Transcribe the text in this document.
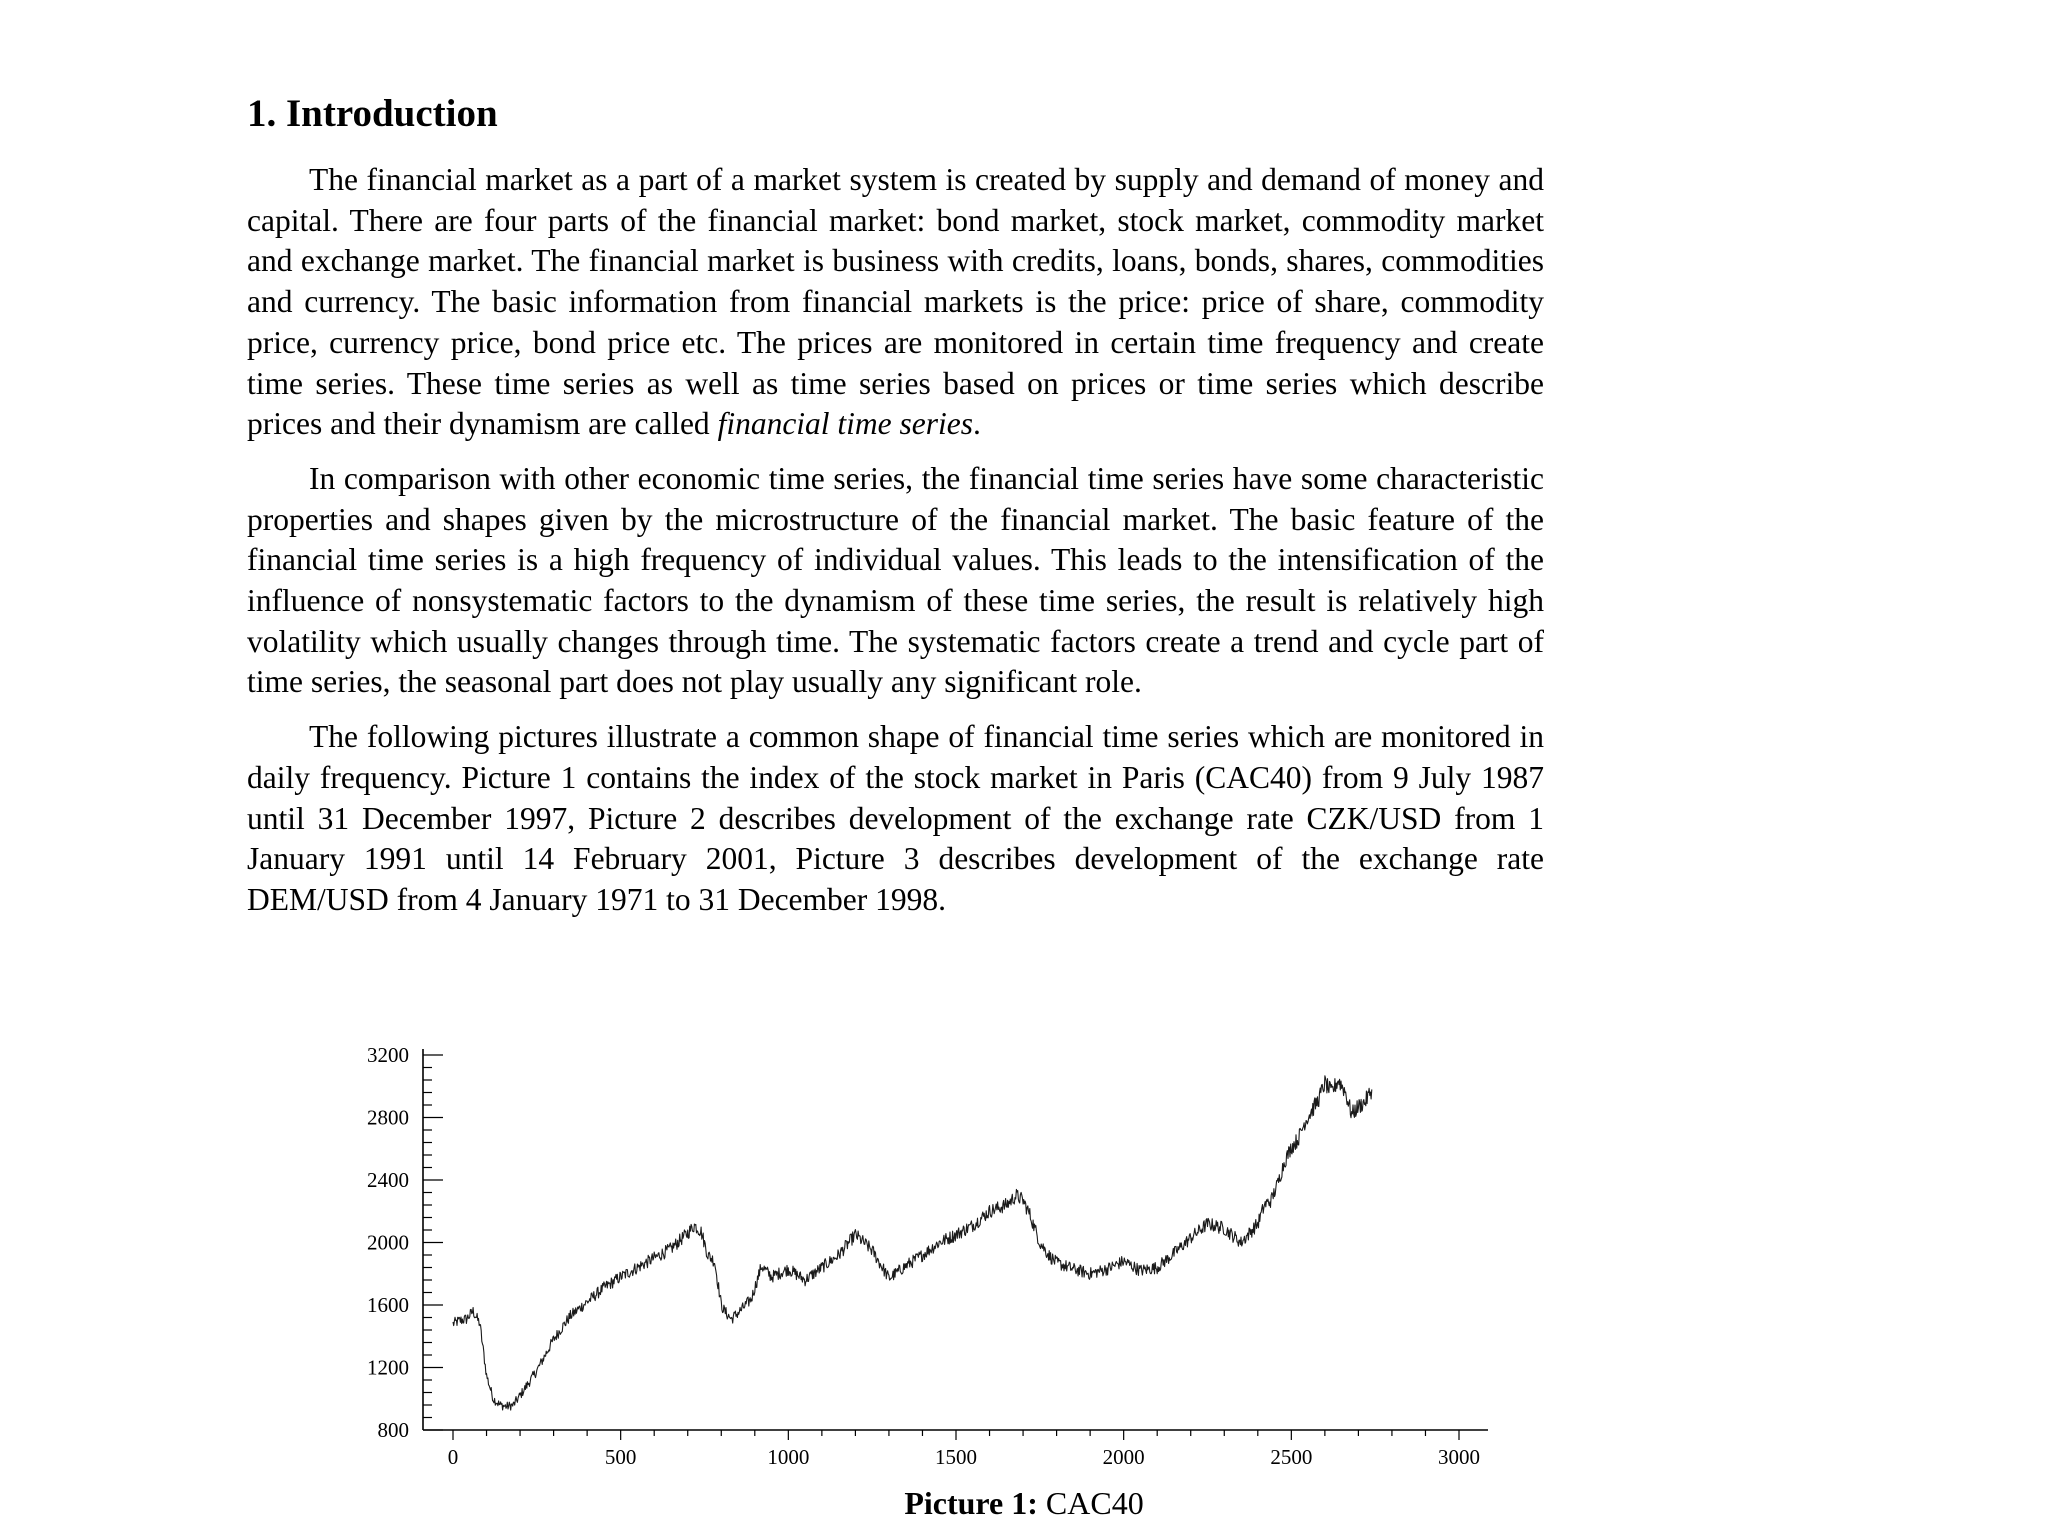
1. Introduction

The financial market as a part of a market system is created by supply and demand of money and capital. There are four parts of the financial market: bond market, stock market, commodity market and exchange market. The financial market is business with credits, loans, bonds, shares, commodities and currency. The basic information from financial markets is the price: price of share, commodity price, currency price, bond price etc. The prices are monitored in certain time frequency and create time series. These time series as well as time series based on prices or time series which describe prices and their dynamism are called financial time series.

In comparison with other economic time series, the financial time series have some characteristic properties and shapes given by the microstructure of the financial market. The basic feature of the financial time series is a high frequency of individual values. This leads to the intensification of the influence of nonsystematic factors to the dynamism of these time series, the result is relatively high volatility which usually changes through time. The systematic factors create a trend and cycle part of time series, the seasonal part does not play usually any significant role.

The following pictures illustrate a common shape of financial time series which are monitored in daily frequency. Picture 1 contains the index of the stock market in Paris (CAC40) from 9 July 1987 until 31 December 1997, Picture 2 describes development of the exchange rate CZK/USD from 1 January 1991 until 14 February 2001, Picture 3 describes development of the exchange rate DEM/USD from 4 January 1971 to 31 December 1998.

800
1200
1600
2000
2400
2800
3200
0	500	1000	1500	2000	2500	3000
Picture 1: CAC40
